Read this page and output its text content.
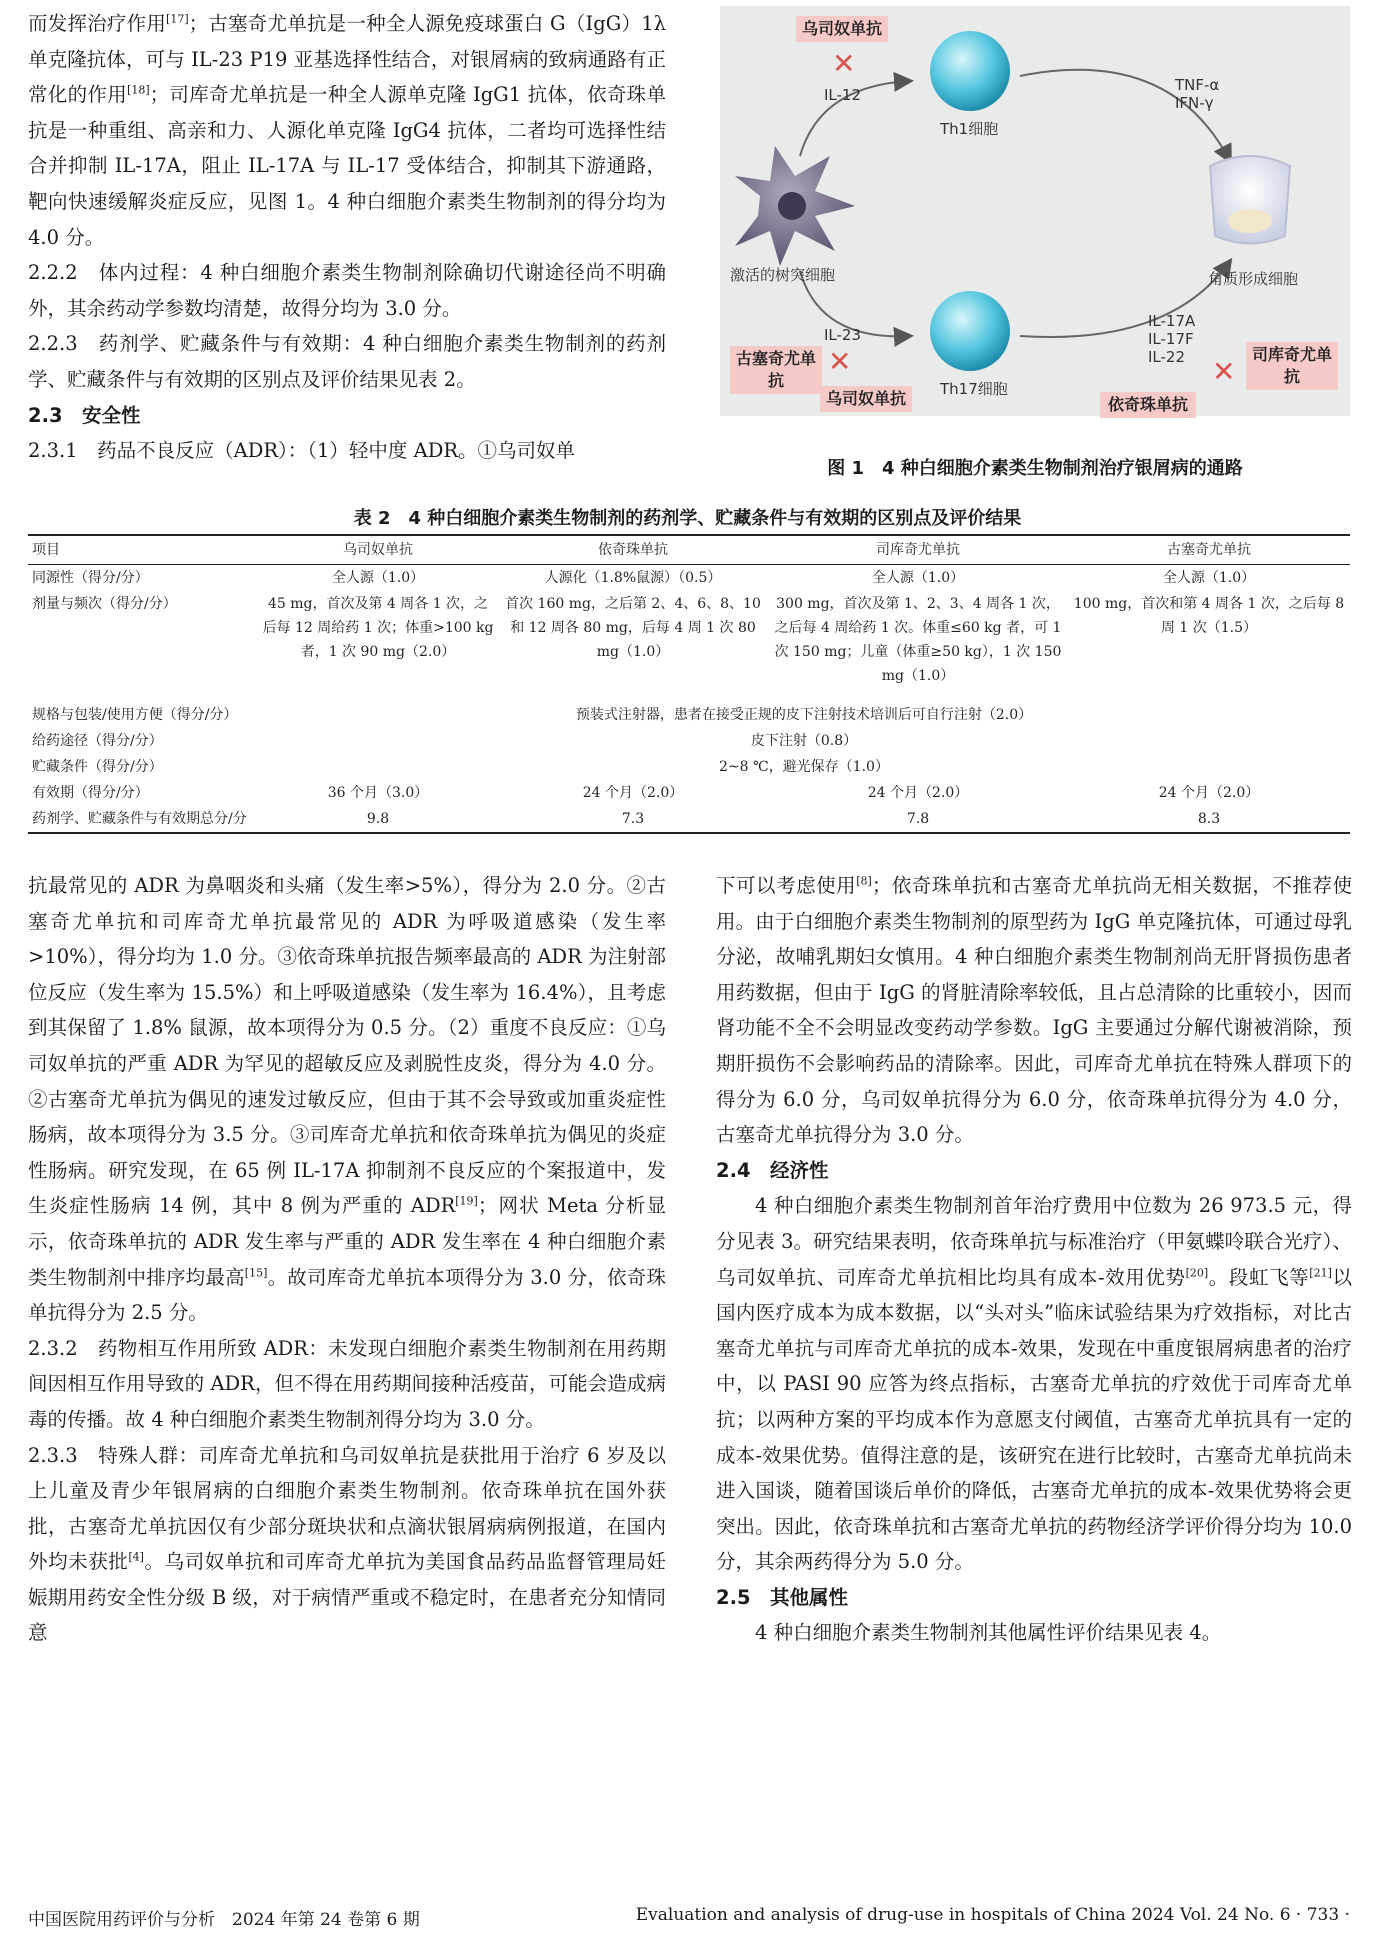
而发挥治疗作用[17]；古塞奇尤单抗是一种全人源免疫球蛋白 G（IgG）1λ 单克隆抗体，可与 IL-23 P19 亚基选择性结合，对银屑病的致病通路有正常化的作用[18]；司库奇尤单抗是一种全人源单克隆 IgG1 抗体，依奇珠单抗是一种重组、高亲和力、人源化单克隆 IgG4 抗体，二者均可选择性结合并抑制 IL-17A，阻止 IL-17A 与 IL-17 受体结合，抑制其下游通路，靶向快速缓解炎症反应，见图 1。4 种白细胞介素类生物制剂的得分均为 4.0 分。

2.2.2　体内过程：4 种白细胞介素类生物制剂除确切代谢途径尚不明确外，其余药动学参数均清楚，故得分均为 3.0 分。

2.2.3　药剂学、贮藏条件与有效期：4 种白细胞介素类生物制剂的药剂学、贮藏条件与有效期的区别点及评价结果见表 2。

2.3　安全性

2.3.1　药品不良反应（ADR）：（1）轻中度 ADR。①乌司奴单

乌司奴单抗
✕
IL-12
Th1细胞
TNF-α
IFN-γ
激活的树突细胞	角质形成细胞
IL-23
古塞奇尤单抗
✕
乌司奴单抗	Th17细胞
IL-17A
IL-17F
IL-22 ✕
司库奇尤单抗
依奇珠单抗
图 1　4 种白细胞介素类生物制剂治疗银屑病的通路
表 2　4 种白细胞介素类生物制剂的药剂学、贮藏条件与有效期的区别点及评价结果
项目	乌司奴单抗	依奇珠单抗	司库奇尤单抗	古塞奇尤单抗
同源性（得分/分）	全人源（1.0）	人源化（1.8%鼠源）（0.5）	全人源（1.0）	全人源（1.0）
剂量与频次（得分/分）	45 mg，首次及第 4 周各 1 次，之后每 12 周给药 1 次；体重>100 kg 者，1 次 90 mg（2.0）	首次 160 mg，之后第 2、4、6、8、10 和 12 周各 80 mg，后每 4 周 1 次 80 mg（1.0）	300 mg，首次及第 1、2、3、4 周各 1 次，之后每 4 周给药 1 次。体重≤60 kg 者，可 1 次 150 mg；儿童（体重≥50 kg），1 次 150 mg（1.0）	100 mg，首次和第 4 周各 1 次，之后每 8 周 1 次（1.5）
规格与包装/使用方便（得分/分）	预装式注射器，患者在接受正规的皮下注射技术培训后可自行注射（2.0）			
给药途径（得分/分）	皮下注射（0.8）			
贮藏条件（得分/分）	2~8 ℃，避光保存（1.0）			
有效期（得分/分）	36 个月（3.0）	24 个月（2.0）	24 个月（2.0）	24 个月（2.0）
药剂学、贮藏条件与有效期总分/分	9.8	7.3	7.8	8.3

抗最常见的 ADR 为鼻咽炎和头痛（发生率>5%），得分为 2.0 分。②古塞奇尤单抗和司库奇尤单抗最常见的 ADR 为呼吸道感染（发生率>10%），得分均为 1.0 分。③依奇珠单抗报告频率最高的 ADR 为注射部位反应（发生率为 15.5%）和上呼吸道感染（发生率为 16.4%），且考虑到其保留了 1.8% 鼠源，故本项得分为 0.5 分。（2）重度不良反应：①乌司奴单抗的严重 ADR 为罕见的超敏反应及剥脱性皮炎，得分为 4.0 分。②古塞奇尤单抗为偶见的速发过敏反应，但由于其不会导致或加重炎症性肠病，故本项得分为 3.5 分。③司库奇尤单抗和依奇珠单抗为偶见的炎症性肠病。研究发现，在 65 例 IL-17A 抑制剂不良反应的个案报道中，发生炎症性肠病 14 例，其中 8 例为严重的 ADR[19]；网状 Meta 分析显示，依奇珠单抗的 ADR 发生率与严重的 ADR 发生率在 4 种白细胞介素类生物制剂中排序均最高[15]。故司库奇尤单抗本项得分为 3.0 分，依奇珠单抗得分为 2.5 分。

2.3.2　药物相互作用所致 ADR：未发现白细胞介素类生物制剂在用药期间因相互作用导致的 ADR，但不得在用药期间接种活疫苗，可能会造成病毒的传播。故 4 种白细胞介素类生物制剂得分均为 3.0 分。

2.3.3　特殊人群：司库奇尤单抗和乌司奴单抗是获批用于治疗 6 岁及以上儿童及青少年银屑病的白细胞介素类生物制剂。依奇珠单抗在国外获批，古塞奇尤单抗因仅有少部分斑块状和点滴状银屑病病例报道，在国内外均未获批[4]。乌司奴单抗和司库奇尤单抗为美国食品药品监督管理局妊娠期用药安全性分级 B 级，对于病情严重或不稳定时，在患者充分知情同意

下可以考虑使用[8]；依奇珠单抗和古塞奇尤单抗尚无相关数据，不推荐使用。由于白细胞介素类生物制剂的原型药为 IgG 单克隆抗体，可通过母乳分泌，故哺乳期妇女慎用。4 种白细胞介素类生物制剂尚无肝肾损伤患者用药数据，但由于 IgG 的肾脏清除率较低，且占总清除的比重较小，因而肾功能不全不会明显改变药动学参数。IgG 主要通过分解代谢被消除，预期肝损伤不会影响药品的清除率。因此，司库奇尤单抗在特殊人群项下的得分为 6.0 分，乌司奴单抗得分为 6.0 分，依奇珠单抗得分为 4.0 分，古塞奇尤单抗得分为 3.0 分。

2.4　经济性

4 种白细胞介素类生物制剂首年治疗费用中位数为 26 973.5 元，得分见表 3。研究结果表明，依奇珠单抗与标准治疗（甲氨蝶呤联合光疗）、乌司奴单抗、司库奇尤单抗相比均具有成本-效用优势[20]。段虹飞等[21]以国内医疗成本为成本数据，以“头对头”临床试验结果为疗效指标，对比古塞奇尤单抗与司库奇尤单抗的成本-效果，发现在中重度银屑病患者的治疗中，以 PASI 90 应答为终点指标，古塞奇尤单抗的疗效优于司库奇尤单抗；以两种方案的平均成本作为意愿支付阈值，古塞奇尤单抗具有一定的成本-效果优势。值得注意的是，该研究在进行比较时，古塞奇尤单抗尚未进入国谈，随着国谈后单价的降低，古塞奇尤单抗的成本-效果优势将会更突出。因此，依奇珠单抗和古塞奇尤单抗的药物经济学评价得分均为 10.0 分，其余两药得分为 5.0 分。

2.5　其他属性

4 种白细胞介素类生物制剂其他属性评价结果见表 4。

中国医院用药评价与分析　2024 年第 24 卷第 6 期	Evaluation and analysis of drug-use in hospitals of China 2024 Vol. 24 No. 6 · 733 ·
